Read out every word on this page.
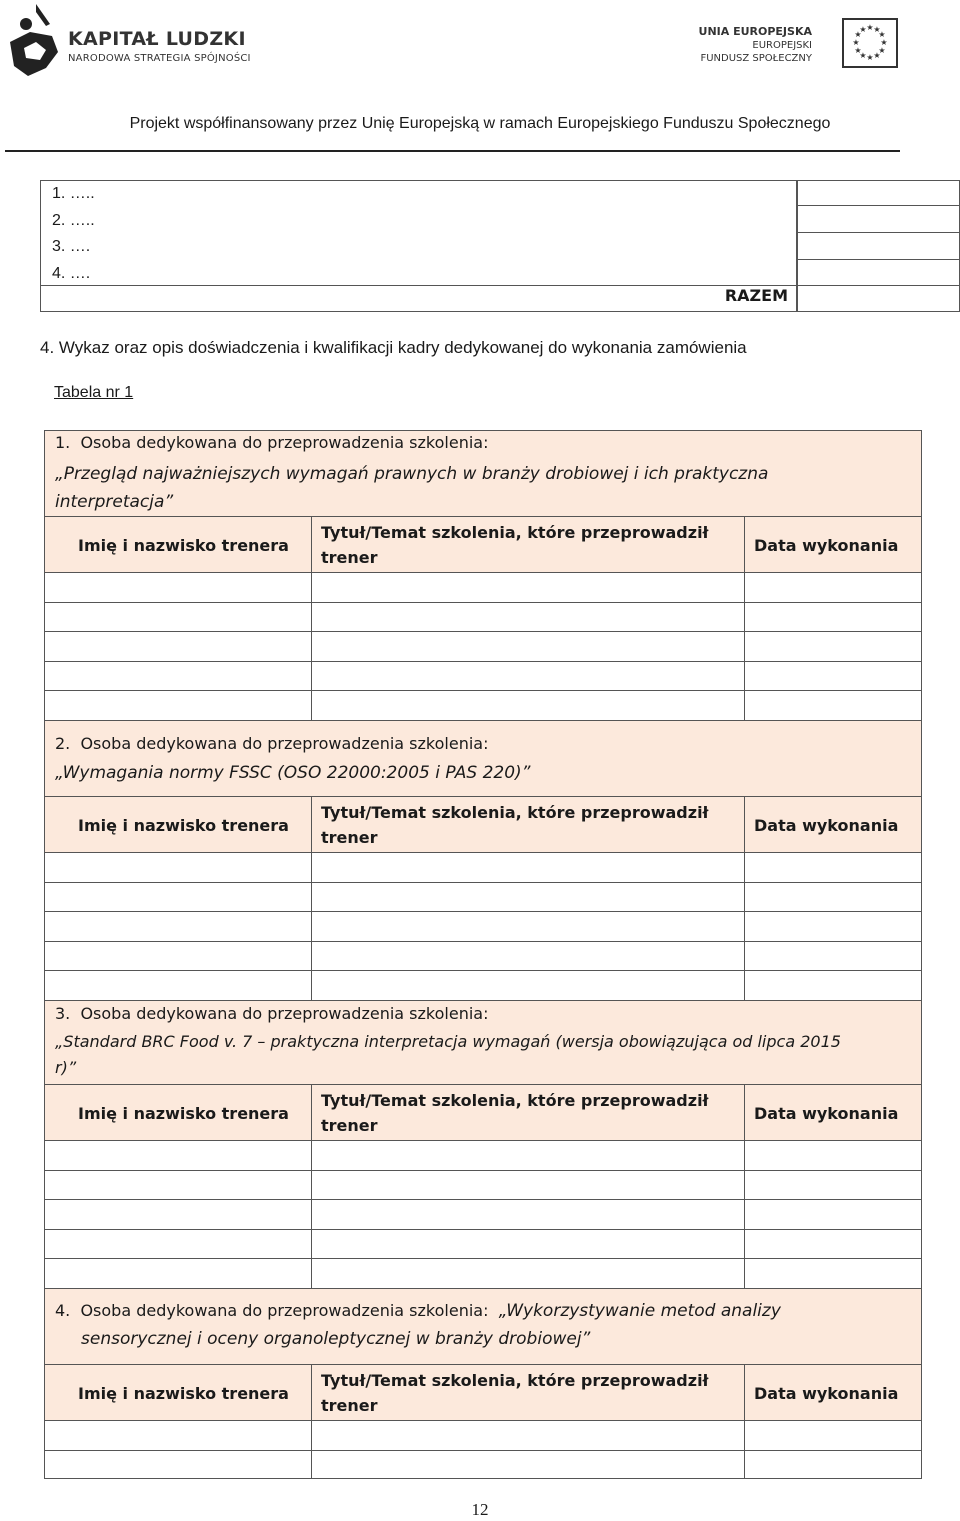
KAPITAŁ LUDZKI
NARODOWA STRATEGIA SPÓJNOŚCI
UNIA EUROPEJSKA
EUROPEJSKI
FUNDUSZ SPOŁECZNY
★ ★
★
★
★
★
★
★
★
★
★
★
Projekt współfinansowany przez Unię Europejską w ramach Europejskiego Funduszu Społecznego
1. …..
2. …..
3. ….
4. ….
RAZEM
4. Wykaz oraz opis doświadczenia i kwalifikacji kadry dedykowanej do wykonania zamówienia
Tabela nr 1
1. Osoba dedykowana do przeprowadzenia szkolenia:
„Przegląd najważniejszych wymagań prawnych w branży drobiowej i ich praktyczna
interpretacja”
Imię i nazwisko trenera
Tytuł/Temat szkolenia, które przeprowadził
trener
Data wykonania
2. Osoba dedykowana do przeprowadzenia szkolenia:
„Wymagania normy FSSC (OSO 22000:2005 i PAS 220)”
Imię i nazwisko trenera
Tytuł/Temat szkolenia, które przeprowadził
trener
Data wykonania
3. Osoba dedykowana do przeprowadzenia szkolenia:
„Standard BRC Food v. 7 – praktyczna interpretacja wymagań (wersja obowiązująca od lipca 2015
r)”
Imię i nazwisko trenera
Tytuł/Temat szkolenia, które przeprowadził
trener
Data wykonania
4. Osoba dedykowana do przeprowadzenia szkolenia: „Wykorzystywanie metod analizy
sensorycznej i oceny organoleptycznej w branży drobiowej”
Imię i nazwisko trenera
Tytuł/Temat szkolenia, które przeprowadził
trener
Data wykonania
12
